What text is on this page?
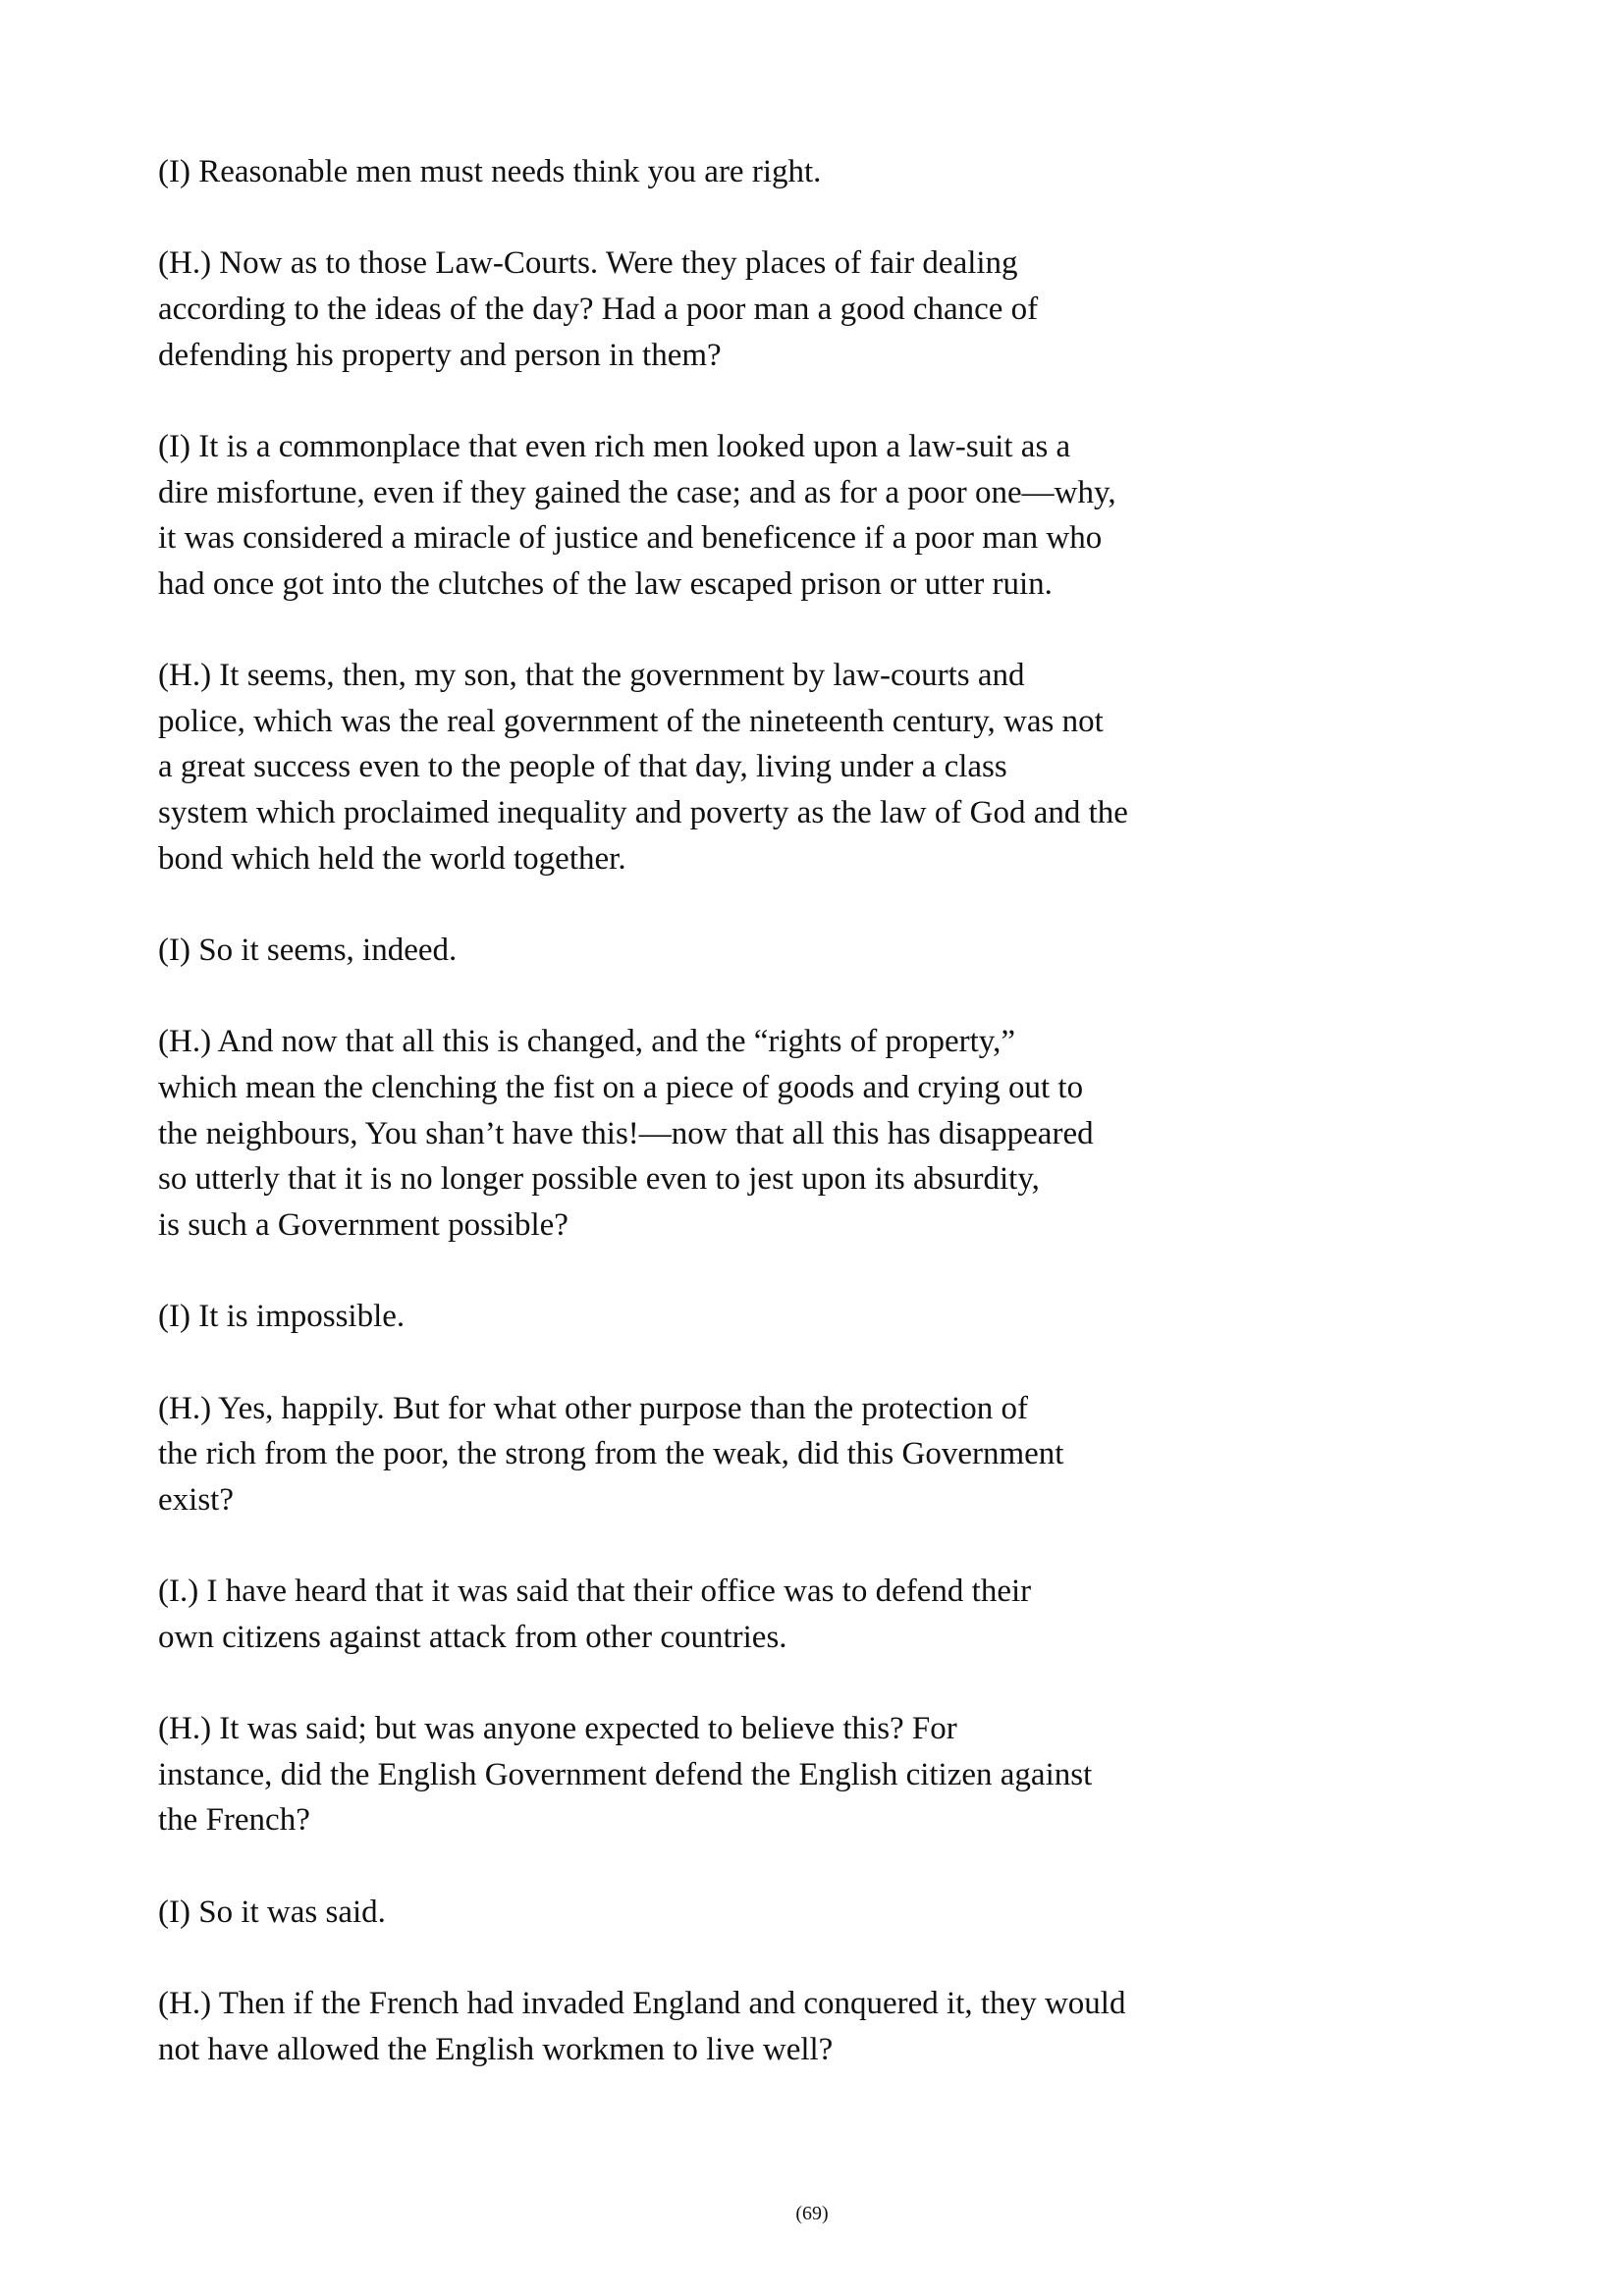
(I) Reasonable men must needs think you are right.

(H.) Now as to those Law-Courts. Were they places of fair dealing
according to the ideas of the day? Had a poor man a good chance of
defending his property and person in them?

(I) It is a commonplace that even rich men looked upon a law-suit as a
dire misfortune, even if they gained the case; and as for a poor one—why,
it was considered a miracle of justice and beneficence if a poor man who
had once got into the clutches of the law escaped prison or utter ruin.

(H.) It seems, then, my son, that the government by law-courts and
police, which was the real government of the nineteenth century, was not
a great success even to the people of that day, living under a class
system which proclaimed inequality and poverty as the law of God and the
bond which held the world together.

(I) So it seems, indeed.

(H.) And now that all this is changed, and the “rights of property,”
which mean the clenching the fist on a piece of goods and crying out to
the neighbours, You shan’t have this!—now that all this has disappeared
so utterly that it is no longer possible even to jest upon its absurdity,
is such a Government possible?

(I) It is impossible.

(H.) Yes, happily. But for what other purpose than the protection of
the rich from the poor, the strong from the weak, did this Government
exist?

(I.) I have heard that it was said that their office was to defend their
own citizens against attack from other countries.

(H.) It was said; but was anyone expected to believe this? For
instance, did the English Government defend the English citizen against
the French?

(I) So it was said.

(H.) Then if the French had invaded England and conquered it, they would
not have allowed the English workmen to live well?

(69)
